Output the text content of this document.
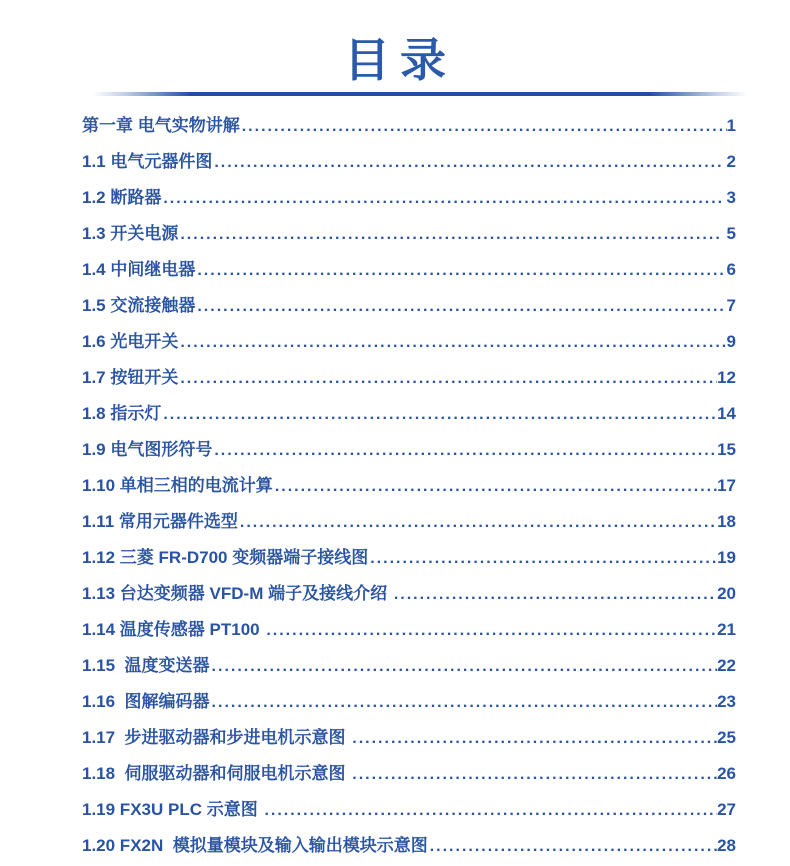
目录
第一章 电气实物讲解 .....	1
1.1 电气元器件图 .....	2
1.2 断路器 .....	3
1.3 开关电源 .....	5
1.4 中间继电器 .....	6
1.5 交流接触器 .....	7
1.6 光电开关 .....	9
1.7 按钮开关 .....	12
1.8 指示灯 .....	14
1.9 电气图形符号 .....	15
1.10 单相三相的电流计算 .....	17
1.11 常用元器件选型 .....	18
1.12 三菱 FR-D700 变频器端子接线图 .....	19
1.13 台达变频器 VFD-M 端子及接线介绍 .....	20
1.14 温度传感器 PT100 .....	21
1.15  温度变送器 .....	22
1.16  图解编码器 .....	23
1.17  步进驱动器和步进电机示意图 .....	25
1.18  伺服驱动器和伺服电机示意图 .....	26
1.19 FX3U PLC 示意图 .....	27
1.20 FX2N  模拟量模块及输入输出模块示意图 .....	28
